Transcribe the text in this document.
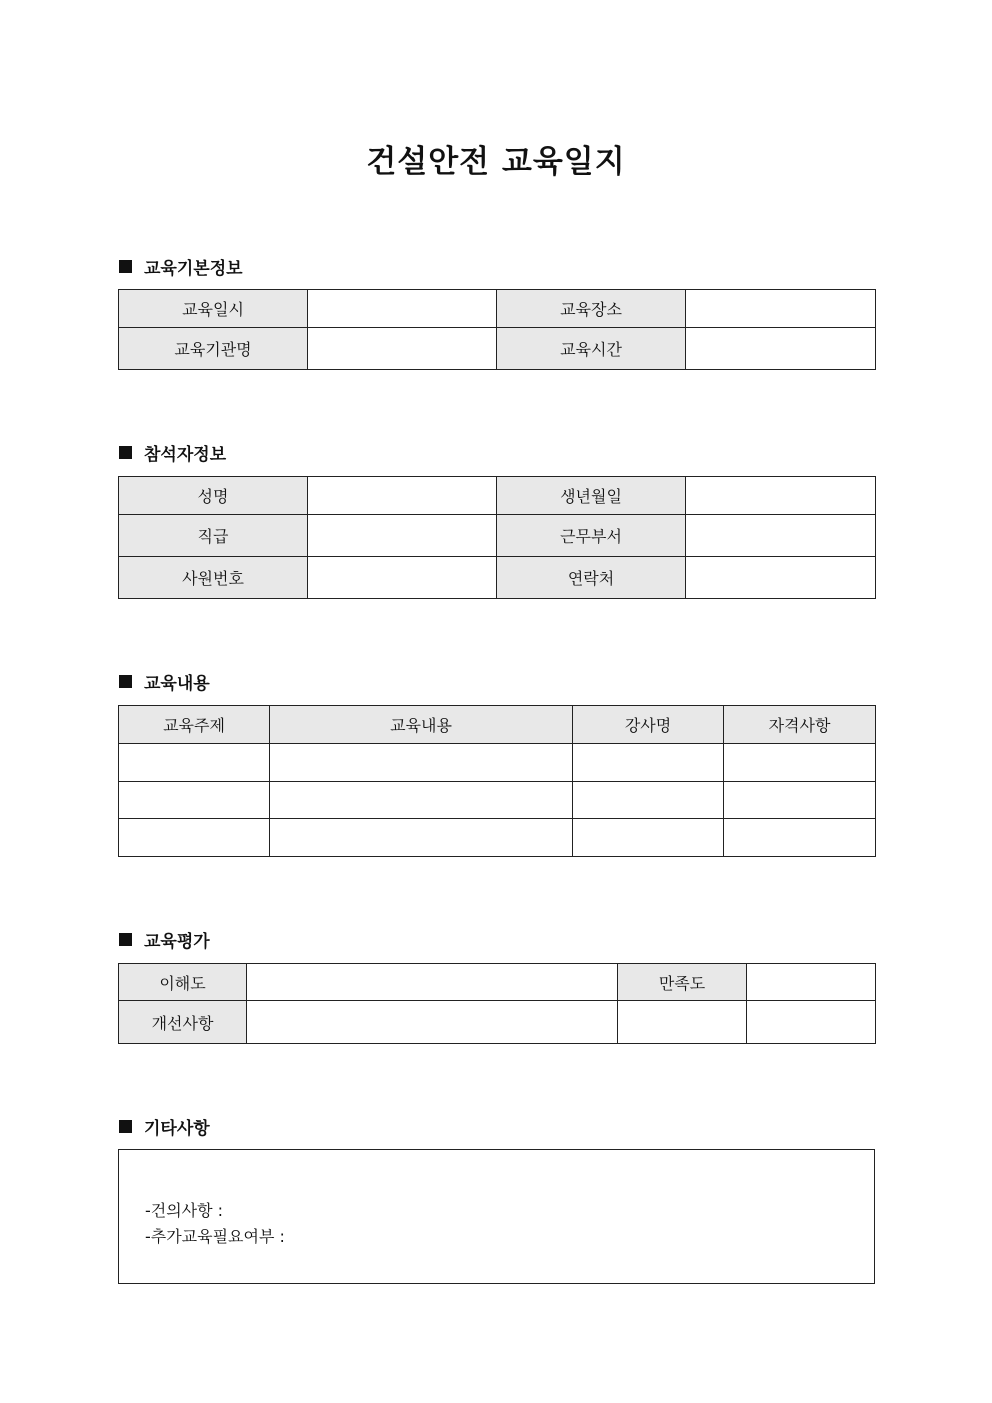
건설안전 교육일지
교육기본정보
교육일시		교육장소	
교육기관명		교육시간	
참석자정보
성명		생년월일	
직급		근무부서	
사원번호		연락처	
교육내용
교육주제	교육내용	강사명	자격사항

교육평가
이해도		만족도	
개선사항			
기타사항
-건의사항 :
-추가교육필요여부 :
